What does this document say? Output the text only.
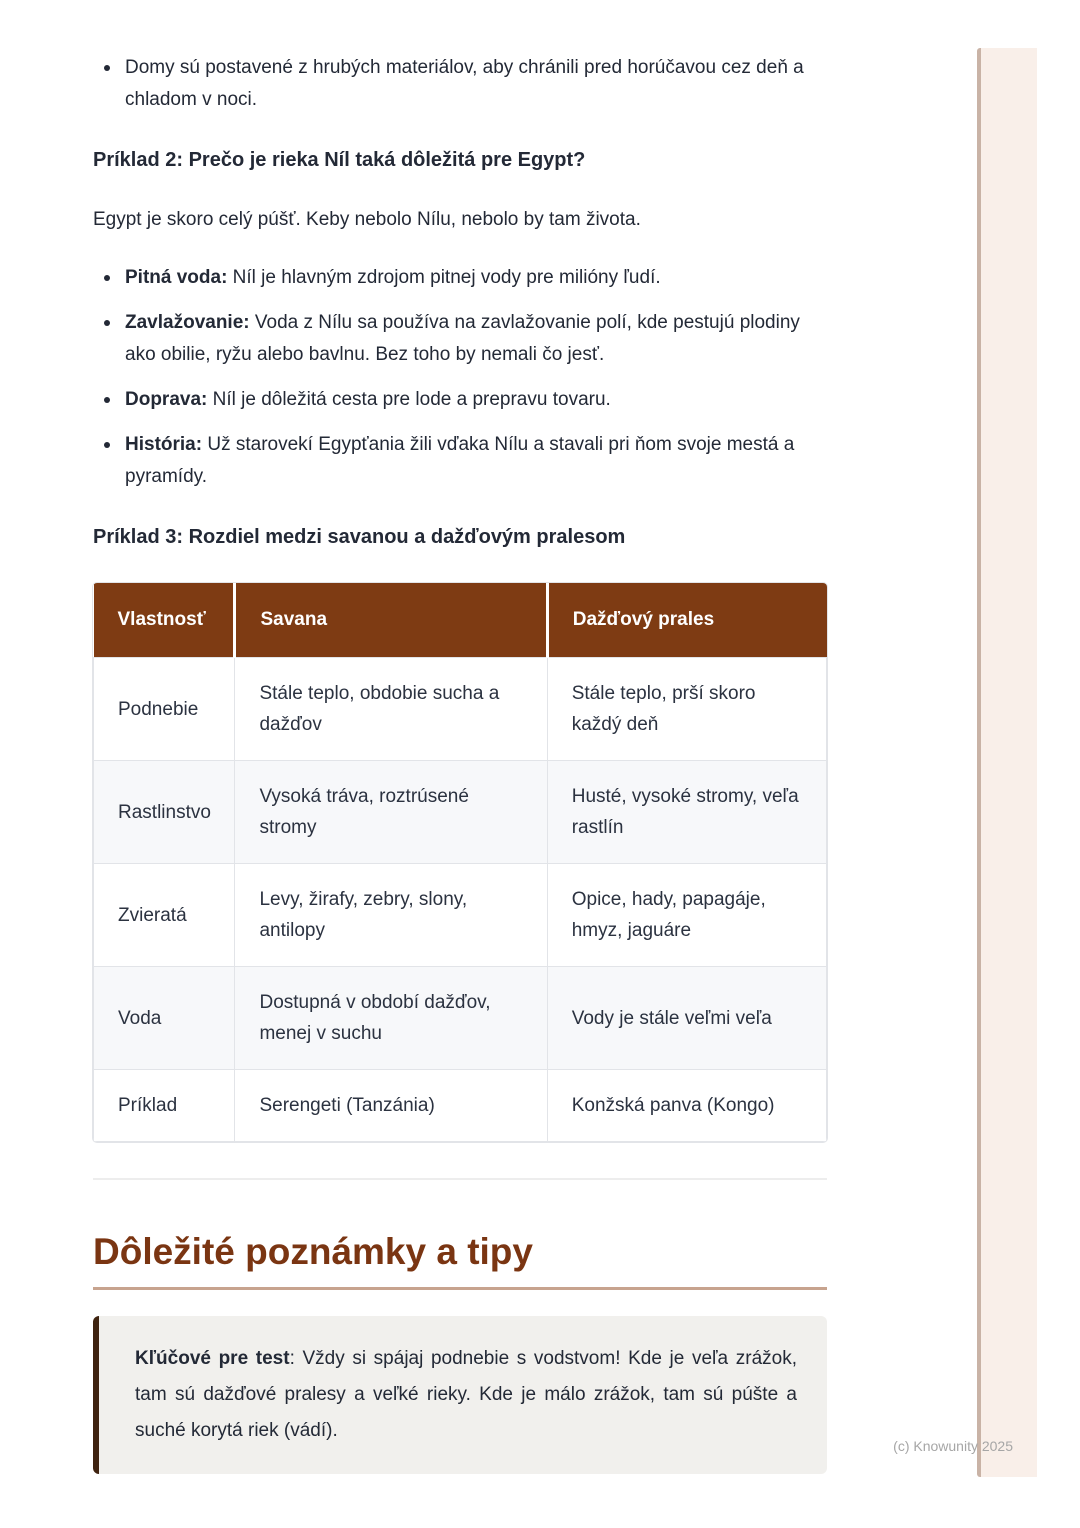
Domy sú postavené z hrubých materiálov, aby chránili pred horúčavou cez deň a chladom v noci.
Príklad 2: Prečo je rieka Níl taká dôležitá pre Egypt?

Egypt je skoro celý púšť. Keby nebolo Nílu, nebolo by tam života.

Pitná voda: Níl je hlavným zdrojom pitnej vody pre milióny ľudí.
Zavlažovanie: Voda z Nílu sa používa na zavlažovanie polí, kde pestujú plodiny ako obilie, ryžu alebo bavlnu. Bez toho by nemali čo jesť.
Doprava: Níl je dôležitá cesta pre lode a prepravu tovaru.
História: Už starovekí Egypťania žili vďaka Nílu a stavali pri ňom svoje mestá a pyramídy.
Príklad 3: Rozdiel medzi savanou a dažďovým pralesom
Vlastnosť	Savana	Dažďový prales
Podnebie	Stále teplo, obdobie sucha a dažďov	Stále teplo, prší skoro každý deň
Rastlinstvo	Vysoká tráva, roztrúsené stromy	Husté, vysoké stromy, veľa rastlín
Zvieratá	Levy, žirafy, zebry, slony, antilopy	Opice, hady, papagáje, hmyz, jaguáre
Voda	Dostupná v období dažďov, menej v suchu	Vody je stále veľmi veľa
Príklad	Serengeti (Tanzánia)	Konžská panva (Kongo)
Dôležité poznámky a tipy
Kľúčové pre test: Vždy si spájaj podnebie s vodstvom! Kde je veľa zrážok, tam sú dažďové pralesy a veľké rieky. Kde je málo zrážok, tam sú púšte a suché korytá riek (vádí).
(c) Knowunity 2025
